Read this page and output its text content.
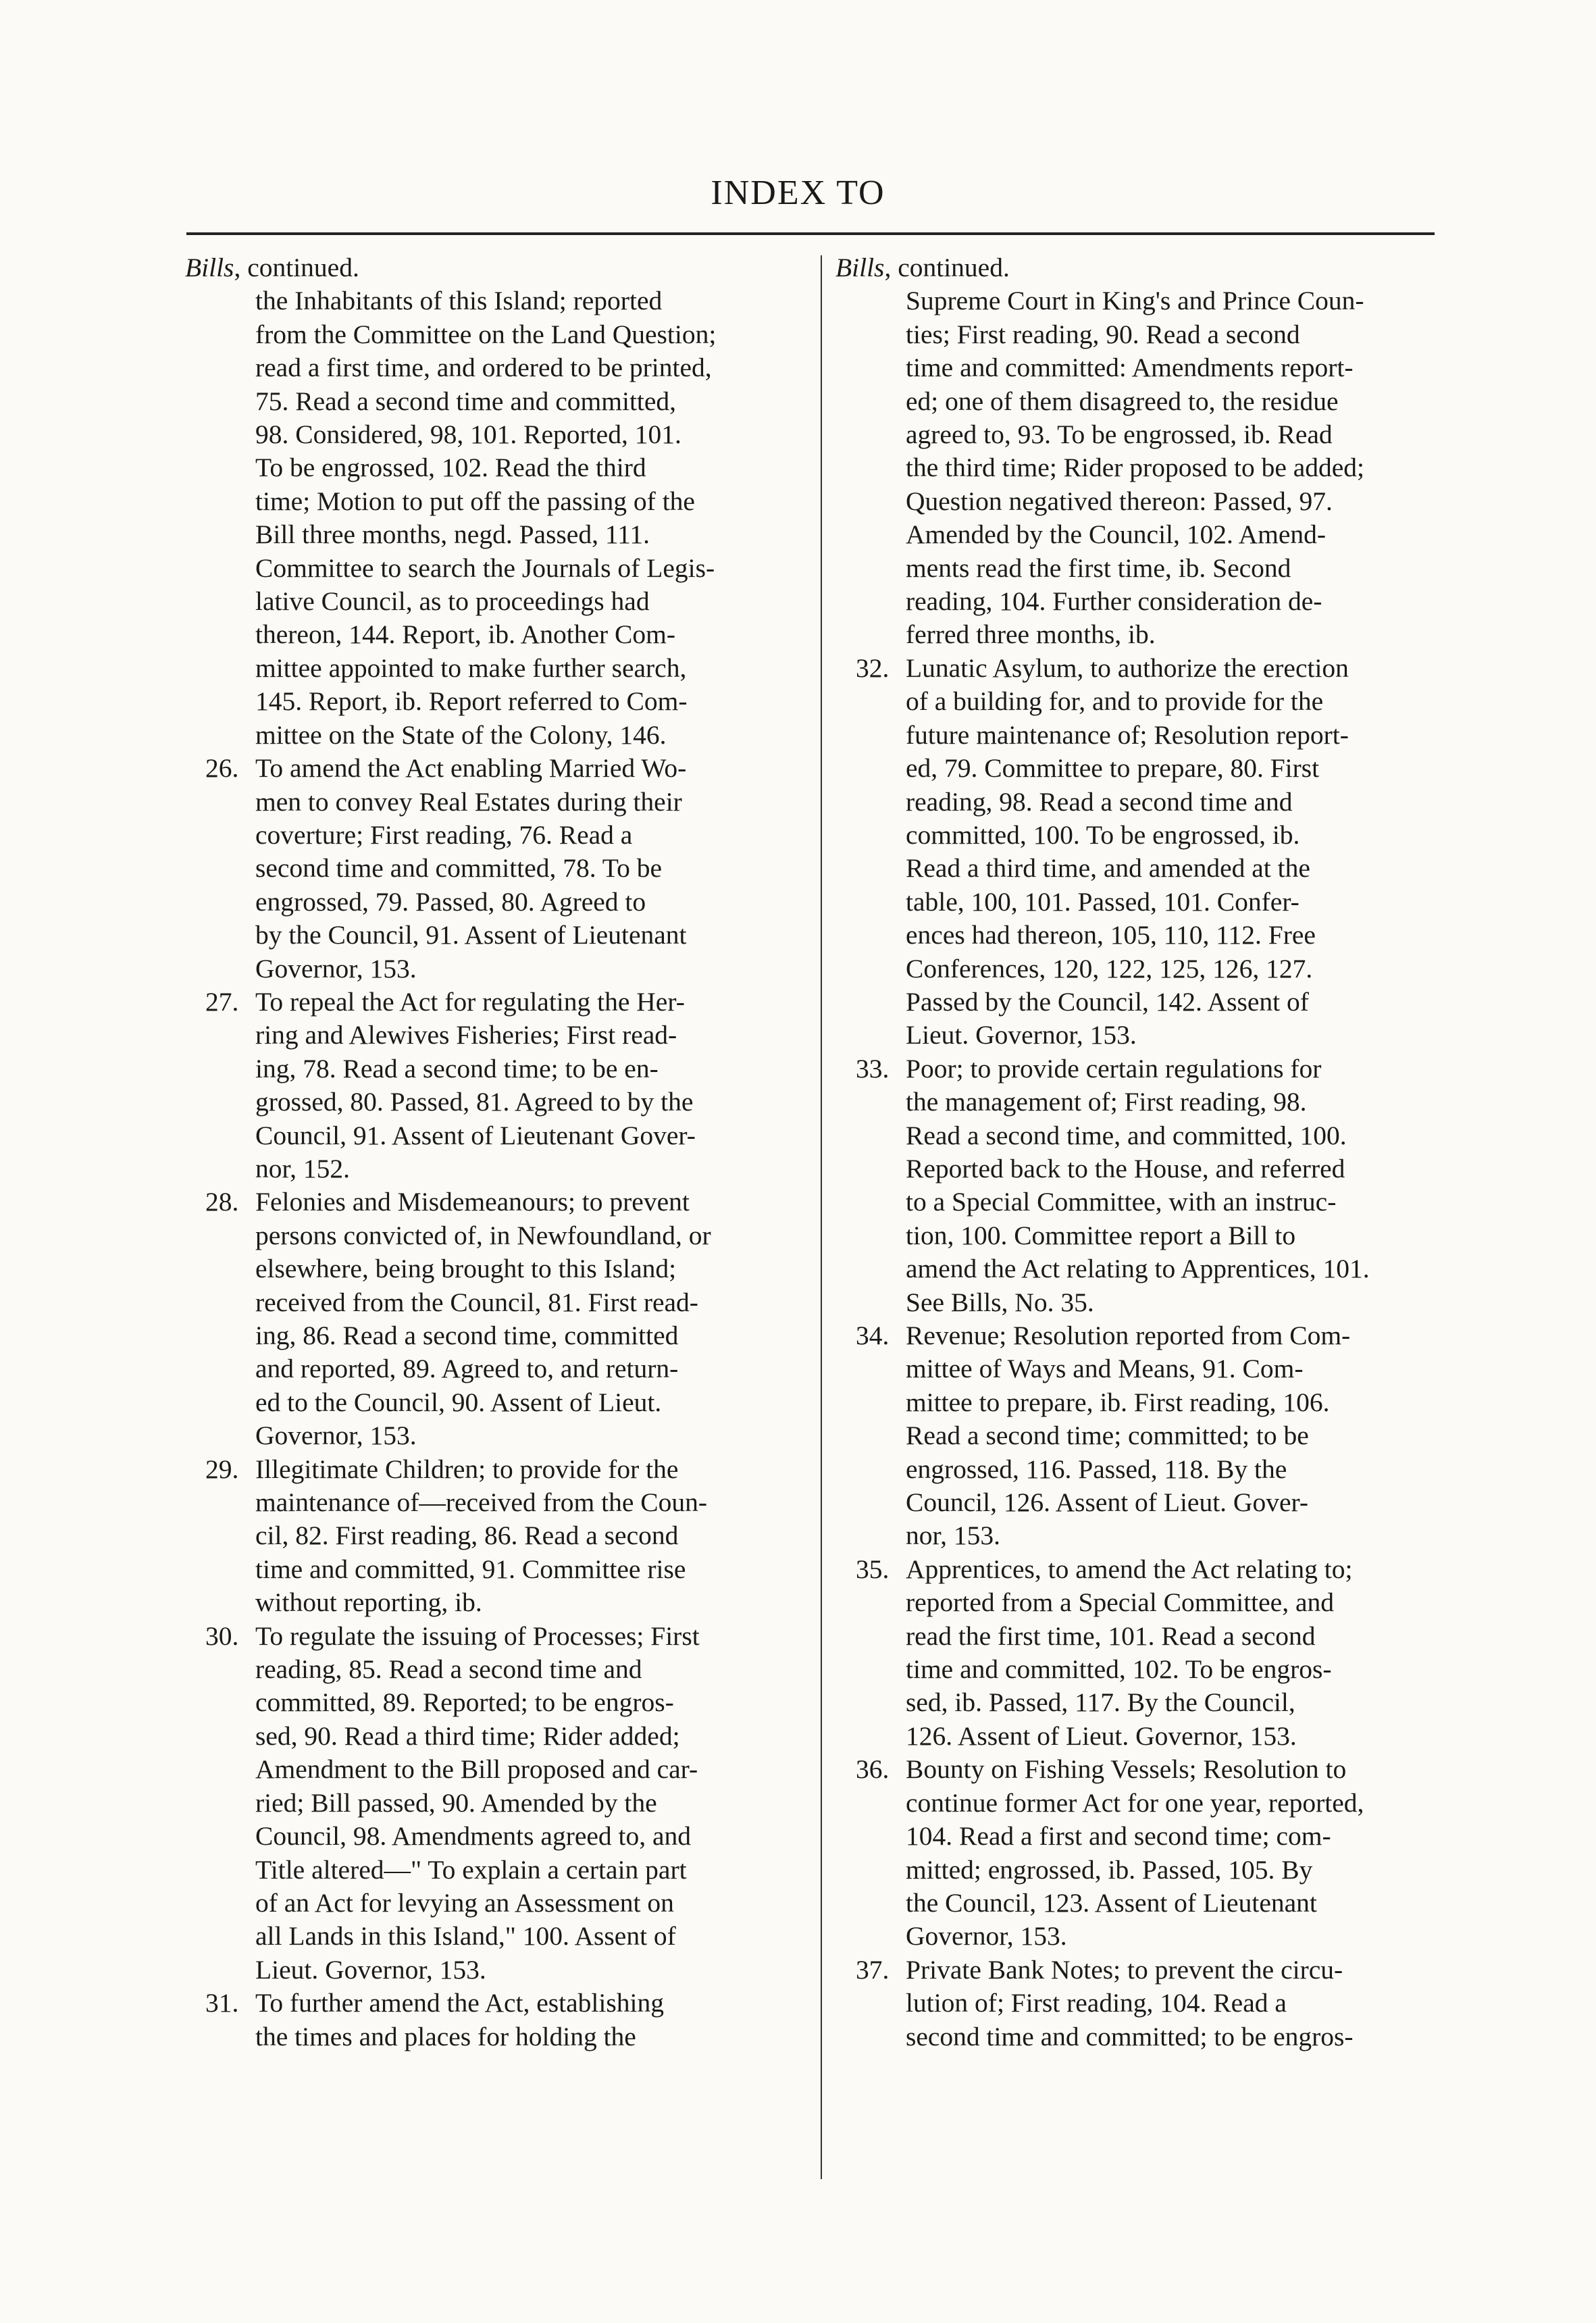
INDEX TO

Bills, continued.

the Inhabitants of this Island; reported
from the Committee on the Land Question;
read a first time, and ordered to be printed,
75. Read a second time and committed,
98. Considered, 98, 101. Reported, 101.
To be engrossed, 102. Read the third
time; Motion to put off the passing of the
Bill three months, negd. Passed, 111.
Committee to search the Journals of Legis-
lative Council, as to proceedings had
thereon, 144. Report, ib. Another Com-
mittee appointed to make further search,
145. Report, ib. Report referred to Com-
mittee on the State of the Colony, 146.
26. To amend the Act enabling Married Wo-
men to convey Real Estates during their
coverture; First reading, 76. Read a
second time and committed, 78. To be
engrossed, 79. Passed, 80. Agreed to
by the Council, 91. Assent of Lieutenant
Governor, 153.
27. To repeal the Act for regulating the Her-
ring and Alewives Fisheries; First read-
ing, 78. Read a second time; to be en-
grossed, 80. Passed, 81. Agreed to by the
Council, 91. Assent of Lieutenant Gover-
nor, 152.
28. Felonies and Misdemeanours; to prevent
persons convicted of, in Newfoundland, or
elsewhere, being brought to this Island;
received from the Council, 81. First read-
ing, 86. Read a second time, committed
and reported, 89. Agreed to, and return-
ed to the Council, 90. Assent of Lieut.
Governor, 153.
29. Illegitimate Children; to provide for the
maintenance of—received from the Coun-
cil, 82. First reading, 86. Read a second
time and committed, 91. Committee rise
without reporting, ib.
30. To regulate the issuing of Processes; First
reading, 85. Read a second time and
committed, 89. Reported; to be engros-
sed, 90. Read a third time; Rider added;
Amendment to the Bill proposed and car-
ried; Bill passed, 90. Amended by the
Council, 98. Amendments agreed to, and
Title altered—" To explain a certain part
of an Act for levying an Assessment on
all Lands in this Island," 100. Assent of
Lieut. Governor, 153.
31. To further amend the Act, establishing
the times and places for holding the

Bills, continued.

Supreme Court in King's and Prince Coun-
ties; First reading, 90. Read a second
time and committed: Amendments report-
ed; one of them disagreed to, the residue
agreed to, 93. To be engrossed, ib. Read
the third time; Rider proposed to be added;
Question negatived thereon: Passed, 97.
Amended by the Council, 102. Amend-
ments read the first time, ib. Second
reading, 104. Further consideration de-
ferred three months, ib.
32. Lunatic Asylum, to authorize the erection
of a building for, and to provide for the
future maintenance of; Resolution report-
ed, 79. Committee to prepare, 80. First
reading, 98. Read a second time and
committed, 100. To be engrossed, ib.
Read a third time, and amended at the
table, 100, 101. Passed, 101. Confer-
ences had thereon, 105, 110, 112. Free
Conferences, 120, 122, 125, 126, 127.
Passed by the Council, 142. Assent of
Lieut. Governor, 153.
33. Poor; to provide certain regulations for
the management of; First reading, 98.
Read a second time, and committed, 100.
Reported back to the House, and referred
to a Special Committee, with an instruc-
tion, 100. Committee report a Bill to
amend the Act relating to Apprentices, 101.
See Bills, No. 35.
34. Revenue; Resolution reported from Com-
mittee of Ways and Means, 91. Com-
mittee to prepare, ib. First reading, 106.
Read a second time; committed; to be
engrossed, 116. Passed, 118. By the
Council, 126. Assent of Lieut. Gover-
nor, 153.
35. Apprentices, to amend the Act relating to;
reported from a Special Committee, and
read the first time, 101. Read a second
time and committed, 102. To be engros-
sed, ib. Passed, 117. By the Council,
126. Assent of Lieut. Governor, 153.
36. Bounty on Fishing Vessels; Resolution to
continue former Act for one year, reported,
104. Read a first and second time; com-
mitted; engrossed, ib. Passed, 105. By
the Council, 123. Assent of Lieutenant
Governor, 153.
37. Private Bank Notes; to prevent the circu-
lution of; First reading, 104. Read a
second time and committed; to be engros-
